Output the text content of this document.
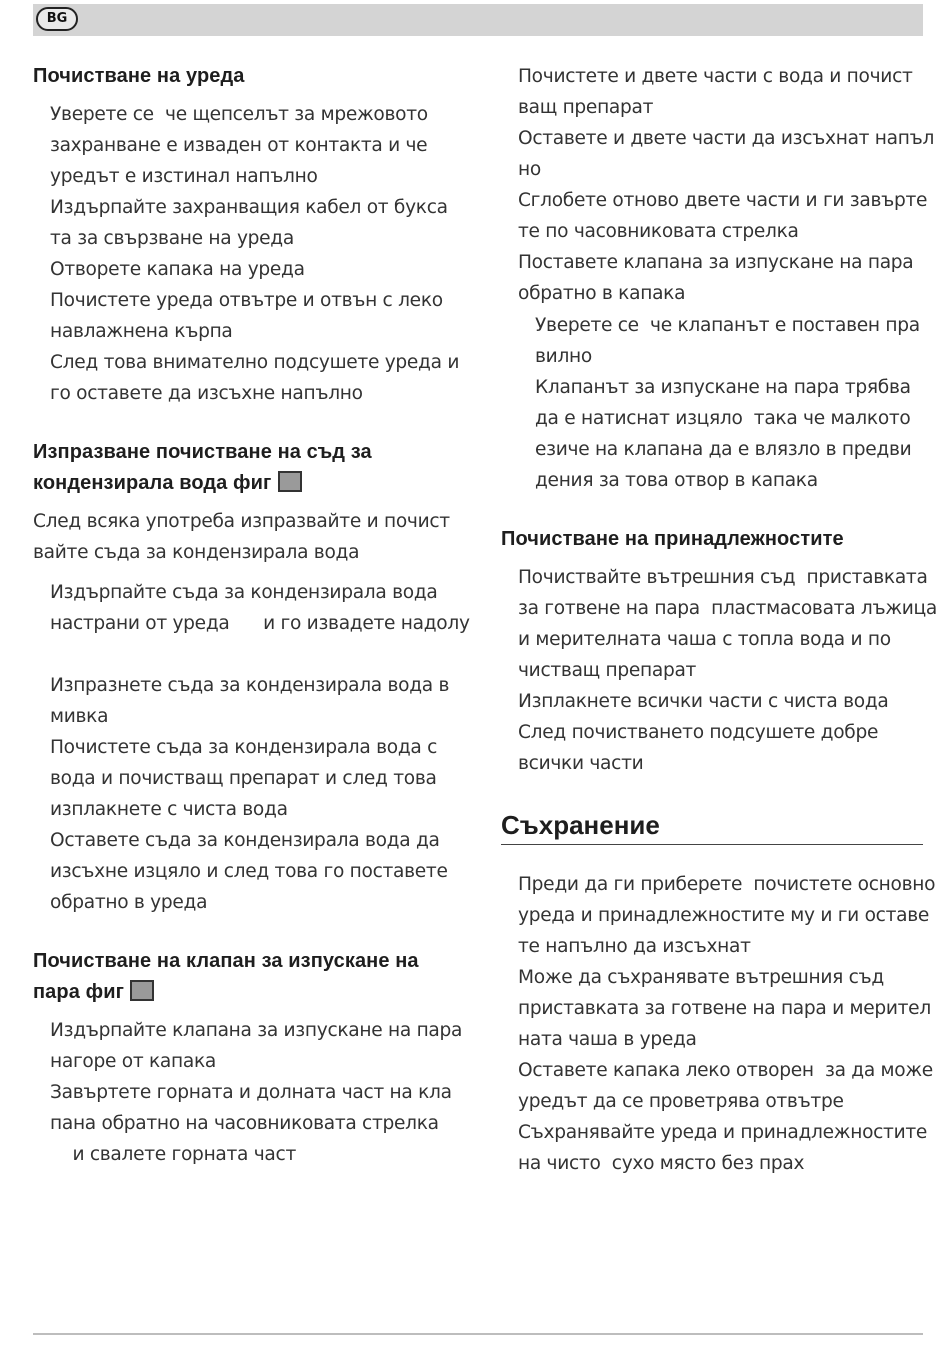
BG
Почистване на уреда
Уверете се  че щепселът за мрежовото
захранване е изваден от контакта и че
уредът е изстинал напълно
Издърпайте захранващия кабел от букса
та за свързване на уреда
Отворете капака на уреда
Почистете уреда отвътре и отвън с леко
навлажнена кърпа
След това внимателно подсушете уреда и
го оставете да изсъхне напълно
Изпразване почистване на съд за
кондензирала вода фиг
След всяка употреба изпразвайте и почист
вайте съда за кондензирала вода
Издърпайте съда за кондензирала вода
настрани от уреда      и го извадете надолу
Изпразнете съда за кондензирала вода в
мивка
Почистете съда за кондензирала вода с
вода и почистващ препарат и след това
изплакнете с чиста вода
Оставете съда за кондензирала вода да
изсъхне изцяло и след това го поставете
обратно в уреда
Почистване на клапан за изпускане на
пара фиг
Издърпайте клапана за изпускане на пара
нагоре от капака
Завъртете горната и долната част на кла
пана обратно на часовниковата стрелка
и свалете горната част
Почистете и двете части с вода и почист
ващ препарат
Оставете и двете части да изсъхнат напъл
но
Сглобете отново двете части и ги завърте
те по часовниковата стрелка
Поставете клапана за изпускане на пара
обратно в капака
Уверете се  че клапанът е поставен пра
вилно
Клапанът за изпускане на пара трябва
да е натиснат изцяло  така че малкото
езиче на клапана да е влязло в предви
дения за това отвор в капака
Почистване на принадлежностите
Почиствайте вътрешния съд  приставката
за готвене на пара  пластмасовата лъжица
и мерителната чаша с топла вода и по
чистващ препарат
Изплакнете всички части с чиста вода
След почистването подсушете добре
всички части
Съхранение
Преди да ги приберете  почистете основно
уреда и принадлежностите му и ги оставе
те напълно да изсъхнат
Може да съхранявате вътрешния съд
приставката за готвене на пара и мерител
ната чаша в уреда
Оставете капака леко отворен  за да може
уредът да се проветрява отвътре
Съхранявайте уреда и принадлежностите
на чисто  сухо място без прах
